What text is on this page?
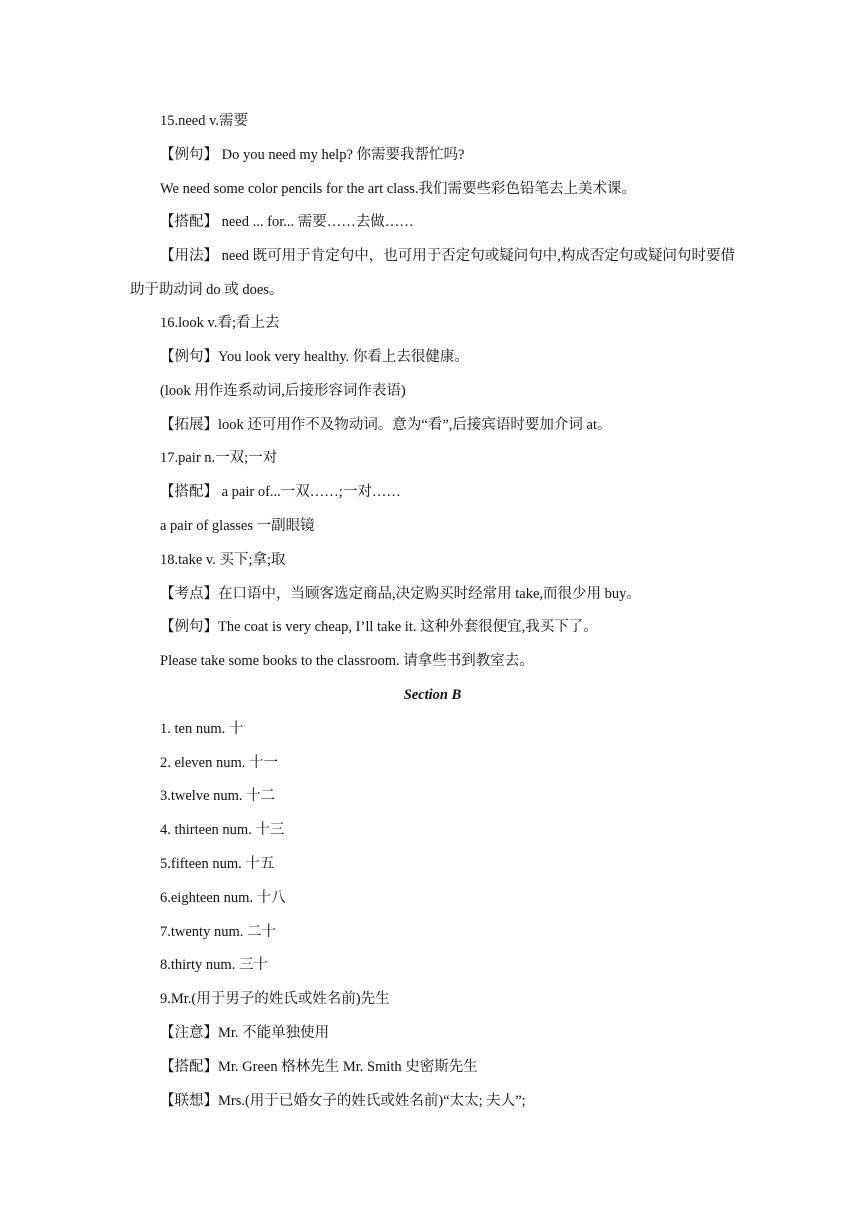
15.need v.需要
【例句】 Do you need my help? 你需要我帮忙吗?
We need some color pencils for the art class.我们需要些彩色铅笔去上美术课。
【搭配】 need ... for... 需要……去做……
【用法】 need 既可用于肯定句中，也可用于否定句或疑问句中,构成否定句或疑问句时要借助于助动词 do 或 does。
16.look v.看;看上去
【例句】You look very healthy. 你看上去很健康。
(look 用作连系动词,后接形容词作表语)
【拓展】look 还可用作不及物动词。意为“看”,后接宾语时要加介词 at。
17.pair n.一双;一对
【搭配】 a pair of...一双……;一对……
a pair of glasses 一副眼镜
18.take v. 买下;拿;取
【考点】在口语中，当顾客选定商品,决定购买时经常用 take,而很少用 buy。
【例句】The coat is very cheap, I’ll take it. 这种外套很便宜,我买下了。
Please take some books to the classroom. 请拿些书到教室去。
Section B
1. ten num. 十
2. eleven num. 十一
3.twelve num. 十二
4. thirteen num. 十三
5.fifteen num. 十五
6.eighteen num. 十八
7.twenty num. 二十
8.thirty num. 三十
9.Mr.(用于男子的姓氏或姓名前)先生
【注意】Mr. 不能单独使用
【搭配】Mr. Green 格林先生 Mr. Smith 史密斯先生
【联想】Mrs.(用于已婚女子的姓氏或姓名前)“太太; 夫人”;
